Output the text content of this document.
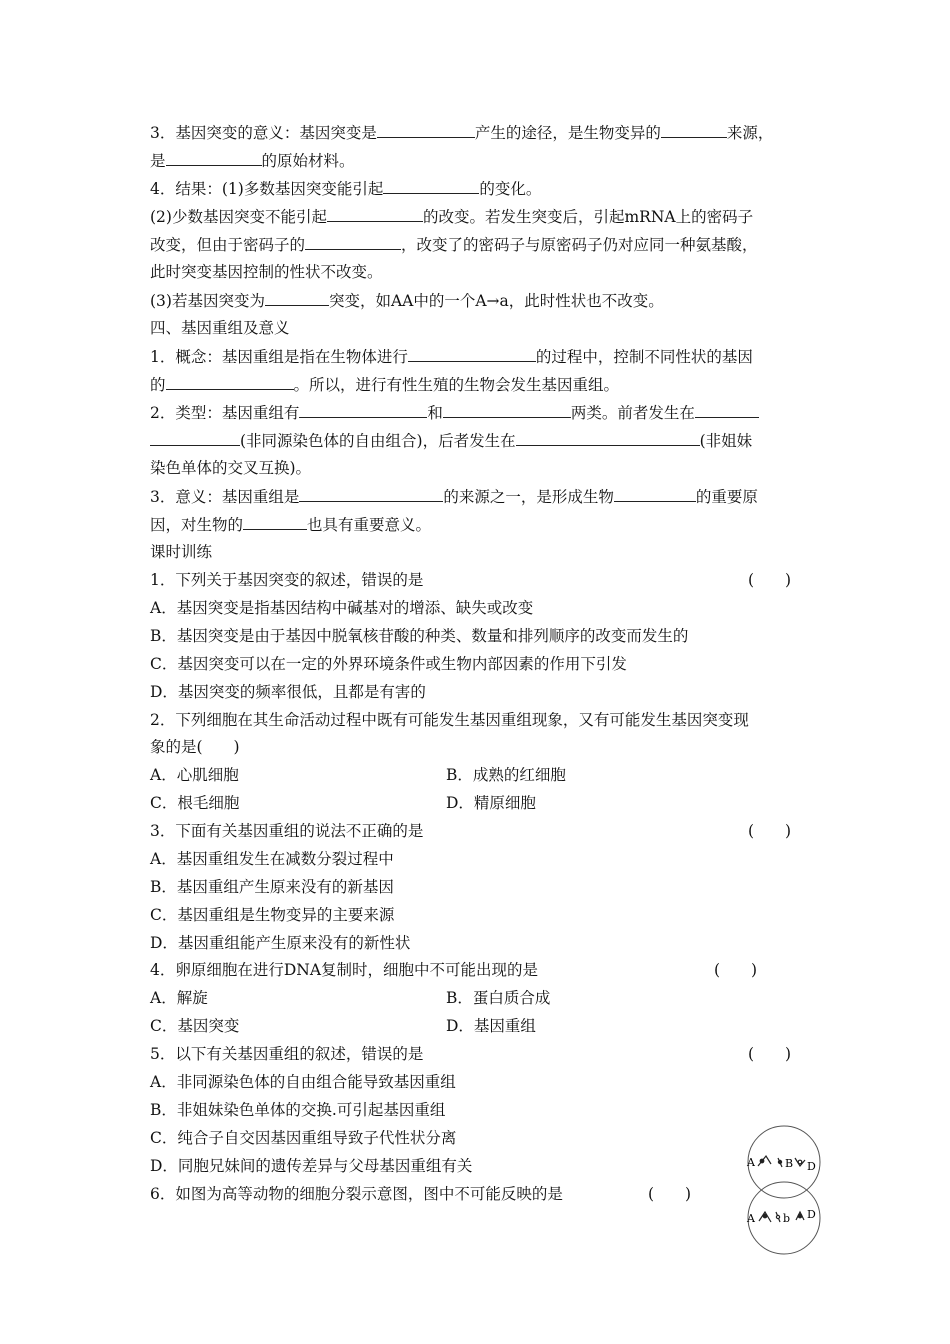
3．基因突变的意义：基因突变是	产生的途径，是生物变异的	来源，
是	的原始材料。
4．结果：(1)多数基因突变能引起	的变化。
(2)少数基因突变不能引起	的改变。若发生突变后，引起mRNA上的密码子
改变，但由于密码子的	，改变了的密码子与原密码子仍对应同一种氨基酸，
此时突变基因控制的性状不改变。
(3)若基因突变为	突变，如AA中的一个A→a，此时性状也不改变。
四、基因重组及意义
1．概念：基因重组是指在生物体进行	的过程中，控制不同性状的基因
的	。所以，进行有性生殖的生物会发生基因重组。
2．类型：基因重组有	和	两类。前者发生在
(非同源染色体的自由组合)，后者发生在	(非姐妹
染色单体的交叉互换)。
3．意义：基因重组是	的来源之一，是形成生物	的重要原
因，对生物的	也具有重要意义。
课时训练
1．下列关于基因突变的叙述，错误的是	(　　)
A．基因突变是指基因结构中碱基对的增添、缺失或改变
B．基因突变是由于基因中脱氧核苷酸的种类、数量和排列顺序的改变而发生的
C．基因突变可以在一定的外界环境条件或生物内部因素的作用下引发
D．基因突变的频率很低，且都是有害的
2．下列细胞在其生命活动过程中既有可能发生基因重组现象，又有可能发生基因突变现
象的是(　　)
A．心肌细胞	B．成熟的红细胞
C．根毛细胞	D．精原细胞
3．下面有关基因重组的说法不正确的是	(　　)
A．基因重组发生在减数分裂过程中
B．基因重组产生原来没有的新基因
C．基因重组是生物变异的主要来源
D．基因重组能产生原来没有的新性状
4．卵原细胞在进行DNA复制时，细胞中不可能出现的是	(　　)
A．解旋	B．蛋白质合成
C．基因突变	D．基因重组
5．以下有关基因重组的叙述，错误的是	(　　)
A．非同源染色体的自由组合能导致基因重组
B．非姐妹染色单体的交换.可引起基因重组
C．纯合子自交因基因重组导致子代性状分离
D．同胞兄妹间的遗传差异与父母基因重组有关
6．如图为高等动物的细胞分裂示意图，图中不可能反映的是	(　　)
A	B D
A	b D
